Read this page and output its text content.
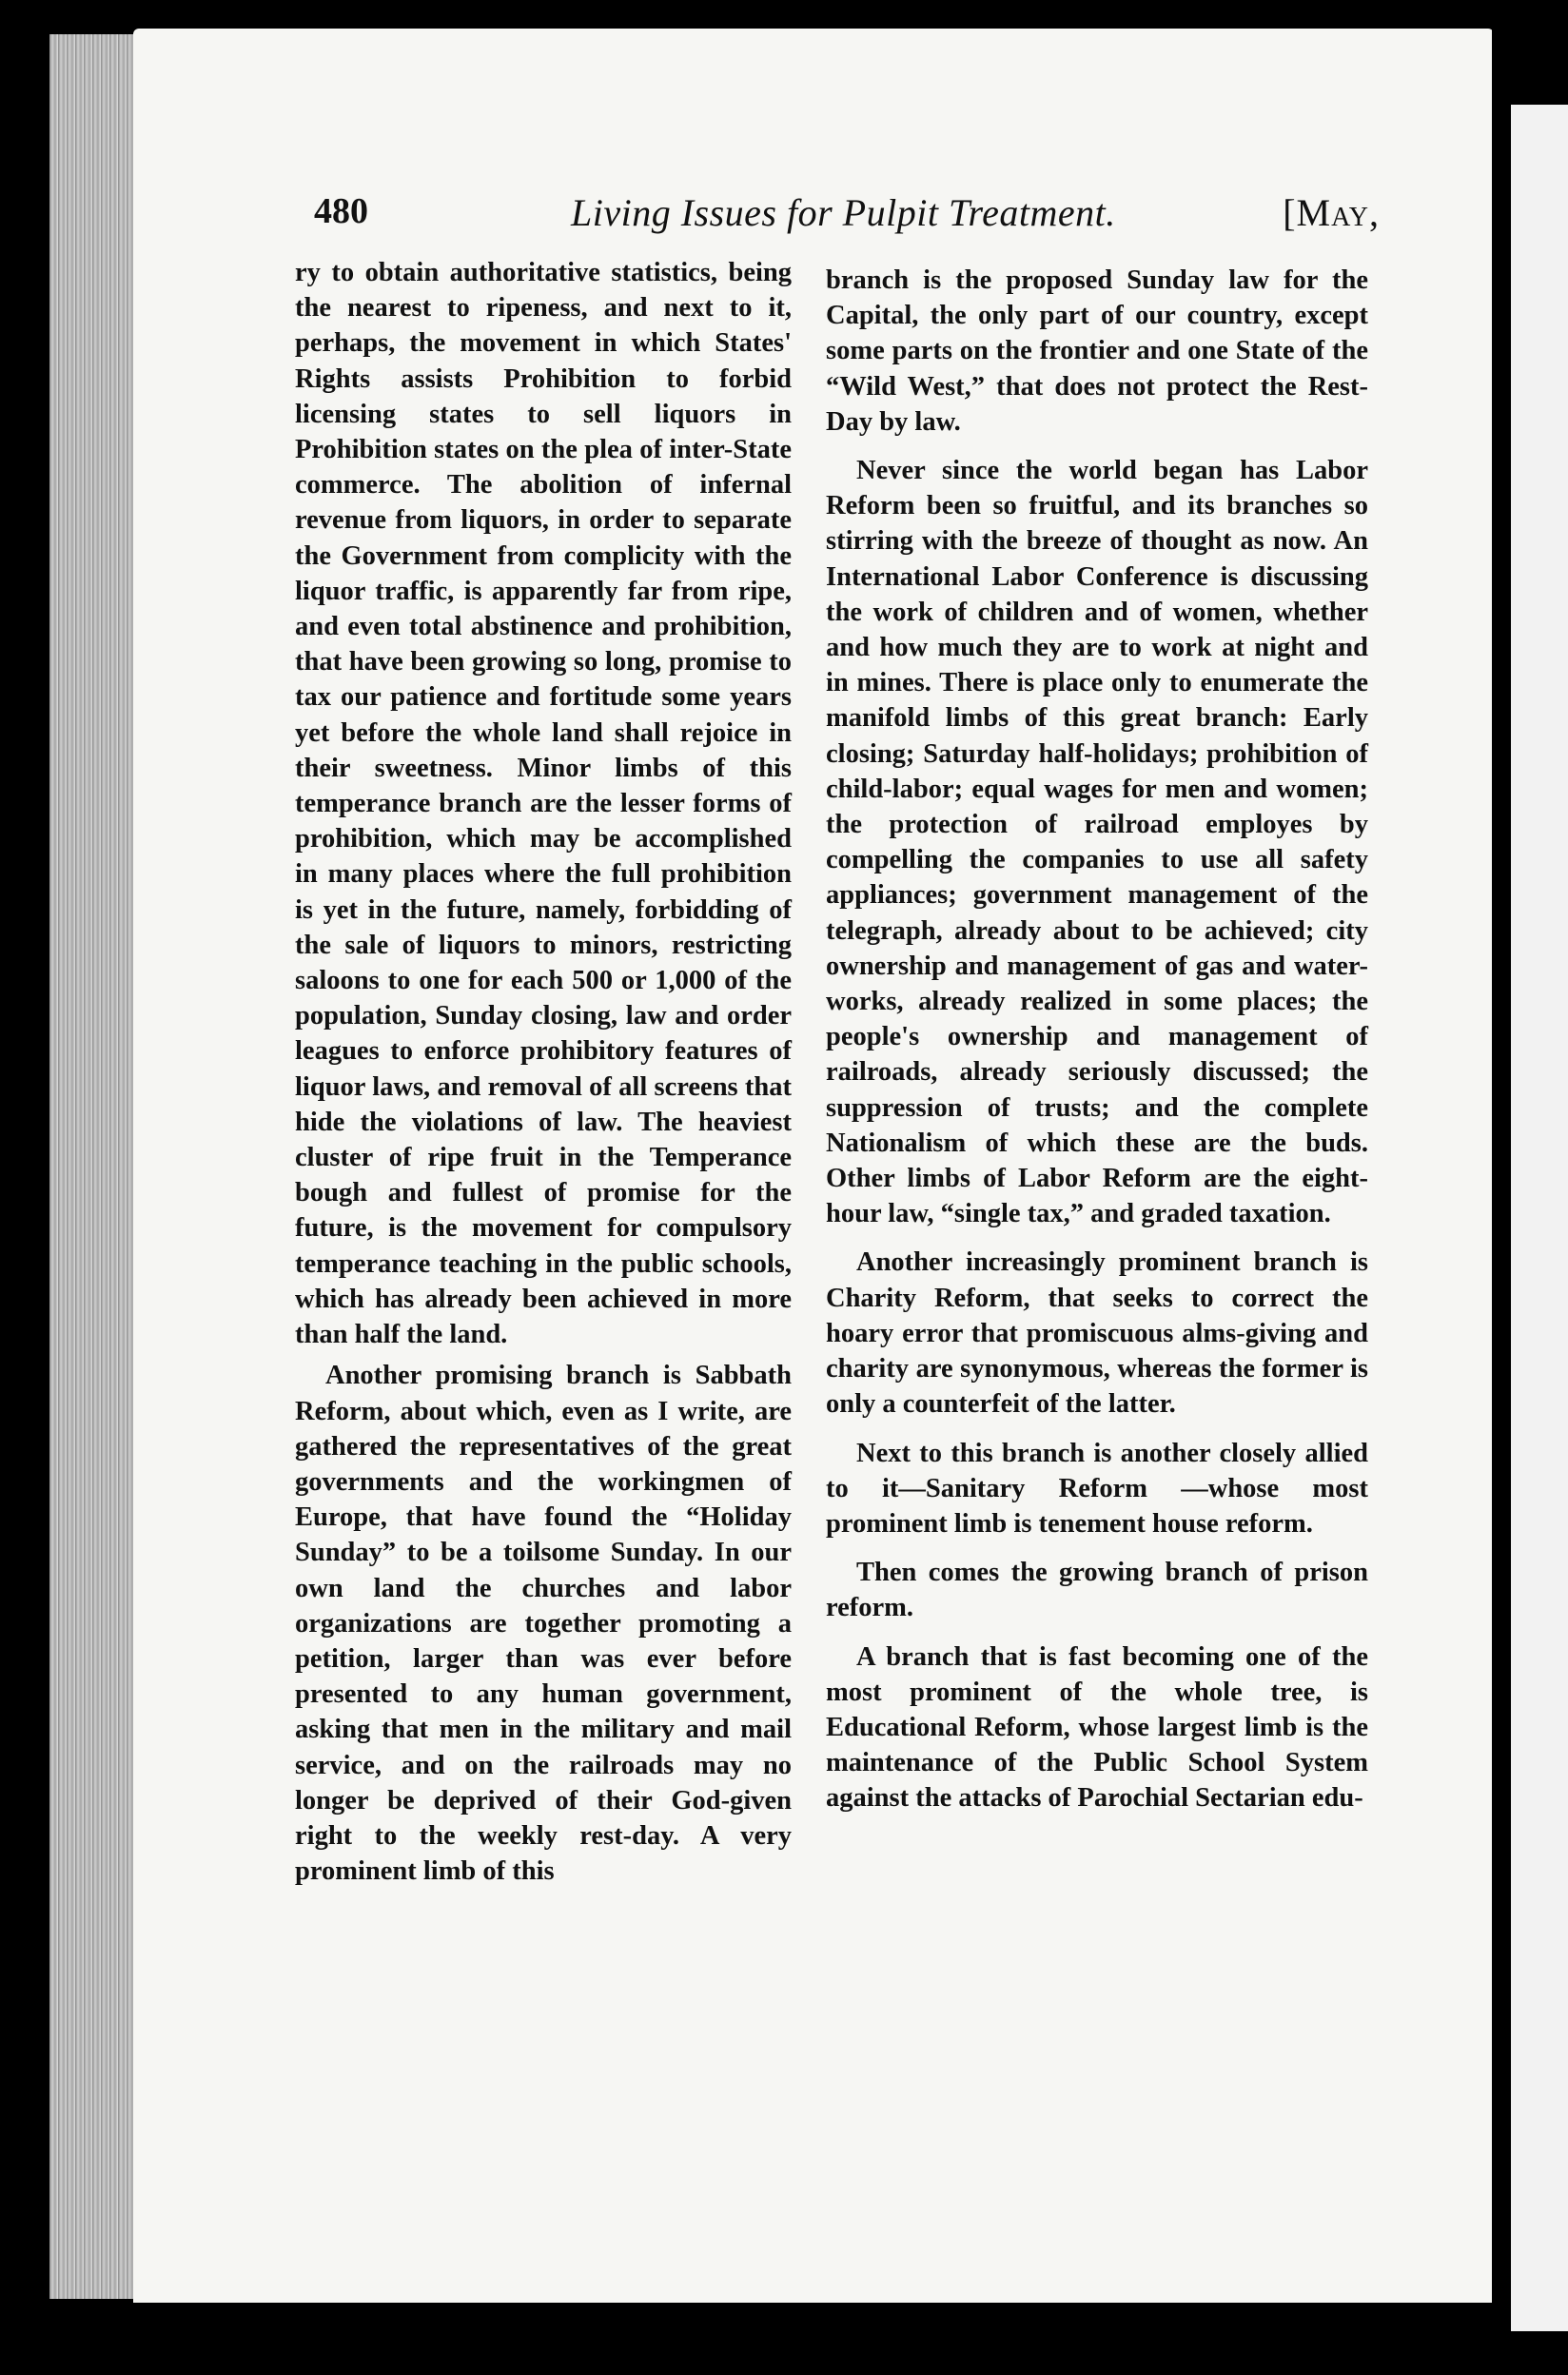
480	Living Issues for Pulpit Treatment.	[May,

ry to obtain authoritative statistics, being the nearest to ripeness, and next to it, perhaps, the movement in which States' Rights assists Prohibition to forbid licensing states to sell liquors in Prohibition states on the plea of inter-State commerce. The abolition of infernal revenue from liquors, in order to separate the Government from complicity with the liquor traffic, is apparently far from ripe, and even total abstinence and prohibition, that have been growing so long, promise to tax our patience and fortitude some years yet before the whole land shall rejoice in their sweetness. Minor limbs of this temperance branch are the lesser forms of prohibition, which may be accomplished in many places where the full prohibition is yet in the future, namely, forbidding of the sale of liquors to minors, restricting saloons to one for each 500 or 1,000 of the population, Sunday closing, law and order leagues to enforce prohibitory features of liquor laws, and removal of all screens that hide the violations of law. The heaviest cluster of ripe fruit in the Temperance bough and fullest of promise for the future, is the movement for compulsory temperance teaching in the public schools, which has already been achieved in more than half the land.

Another promising branch is Sabbath Reform, about which, even as I write, are gathered the representatives of the great governments and the workingmen of Europe, that have found the “Holiday Sunday” to be a toilsome Sunday. In our own land the churches and labor organizations are together promoting a petition, larger than was ever before presented to any human government, asking that men in the military and mail service, and on the railroads may no longer be deprived of their God-given right to the weekly rest-day. A very prominent limb of this

branch is the proposed Sunday law for the Capital, the only part of our country, except some parts on the frontier and one State of the “Wild West,” that does not protect the Rest-Day by law.

Never since the world began has Labor Reform been so fruitful, and its branches so stirring with the breeze of thought as now. An International Labor Conference is discussing the work of children and of women, whether and how much they are to work at night and in mines. There is place only to enumerate the manifold limbs of this great branch: Early closing; Saturday half-holidays; prohibition of child-labor; equal wages for men and women; the protection of railroad employes by compelling the companies to use all safety appliances; government management of the telegraph, already about to be achieved; city ownership and management of gas and water-works, already realized in some places; the people's ownership and management of railroads, already seriously discussed; the suppression of trusts; and the complete Nationalism of which these are the buds. Other limbs of Labor Reform are the eight-hour law, “single tax,” and graded taxation.

Another increasingly prominent branch is Charity Reform, that seeks to correct the hoary error that promiscuous alms-giving and charity are synonymous, whereas the former is only a counterfeit of the latter.

Next to this branch is another closely allied to it—Sanitary Reform —whose most prominent limb is tenement house reform.

Then comes the growing branch of prison reform.

A branch that is fast becoming one of the most prominent of the whole tree, is Educational Reform, whose largest limb is the maintenance of the Public School System against the attacks of Parochial Sectarian edu-
